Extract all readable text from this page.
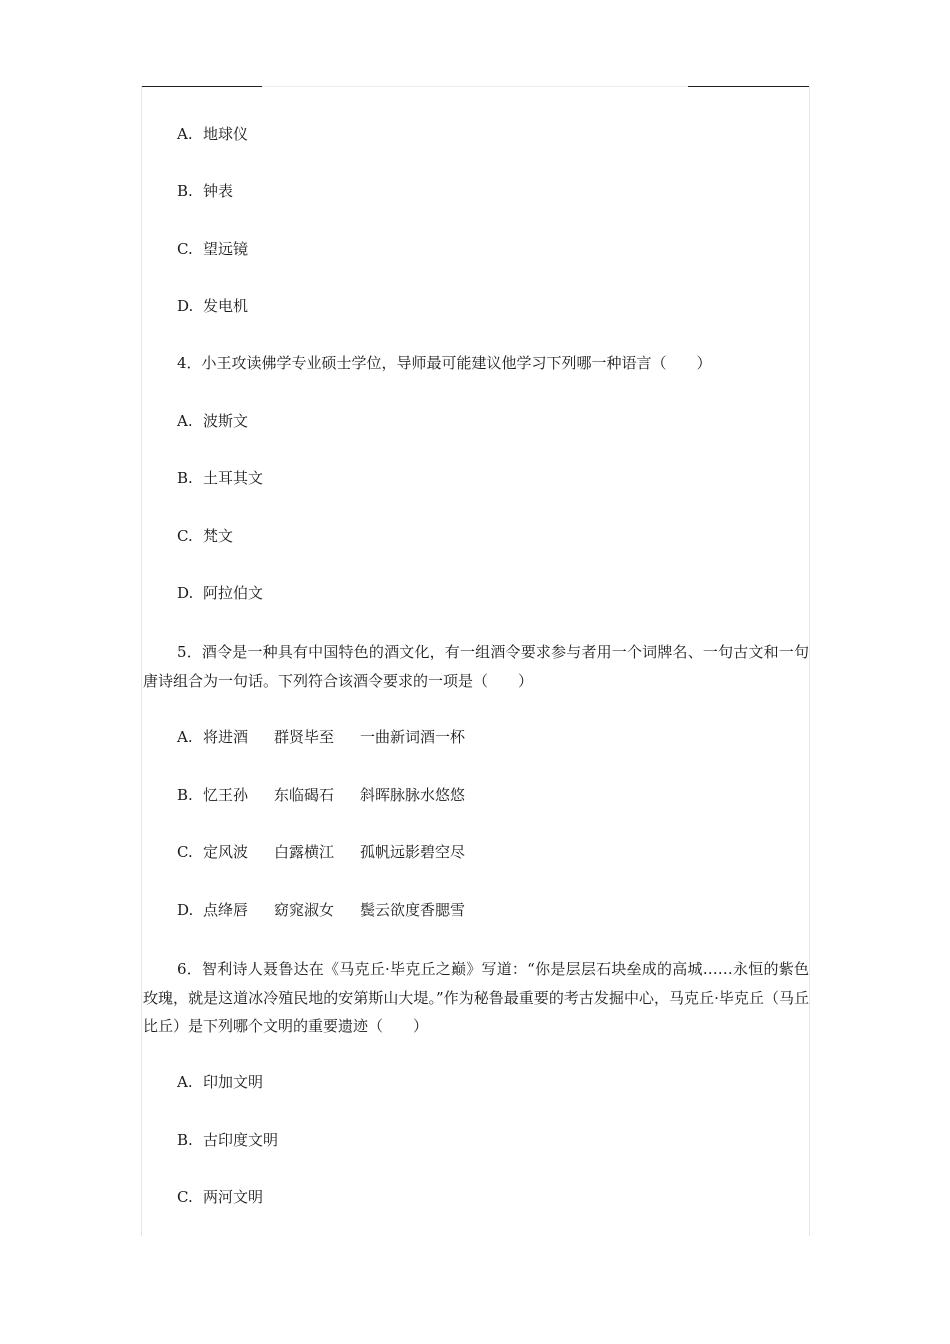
A. 地球仪
B. 钟表
C. 望远镜
D. 发电机
4．小王攻读佛学专业硕士学位，导师最可能建议他学习下列哪一种语言（　　）
A. 波斯文
B. 土耳其文
C. 梵文
D. 阿拉伯文
5．酒令是一种具有中国特色的酒文化，有一组酒令要求参与者用一个词牌名、一句古文和一句唐诗组合为一句话。下列符合该酒令要求的一项是（　　）
A. 将进酒 群贤毕至 一曲新词酒一杯
B. 忆王孙 东临碣石 斜晖脉脉水悠悠
C. 定风波 白露横江 孤帆远影碧空尽
D. 点绛唇 窈窕淑女 鬓云欲度香腮雪
6．智利诗人聂鲁达在《马克丘·毕克丘之巅》写道：“你是层层石块垒成的高城……永恒的紫色玫瑰，就是这道冰冷殖民地的安第斯山大堤。”作为秘鲁最重要的考古发掘中心，马克丘·毕克丘（马丘比丘）是下列哪个文明的重要遗迹（　　）
A. 印加文明
B. 古印度文明
C. 两河文明
